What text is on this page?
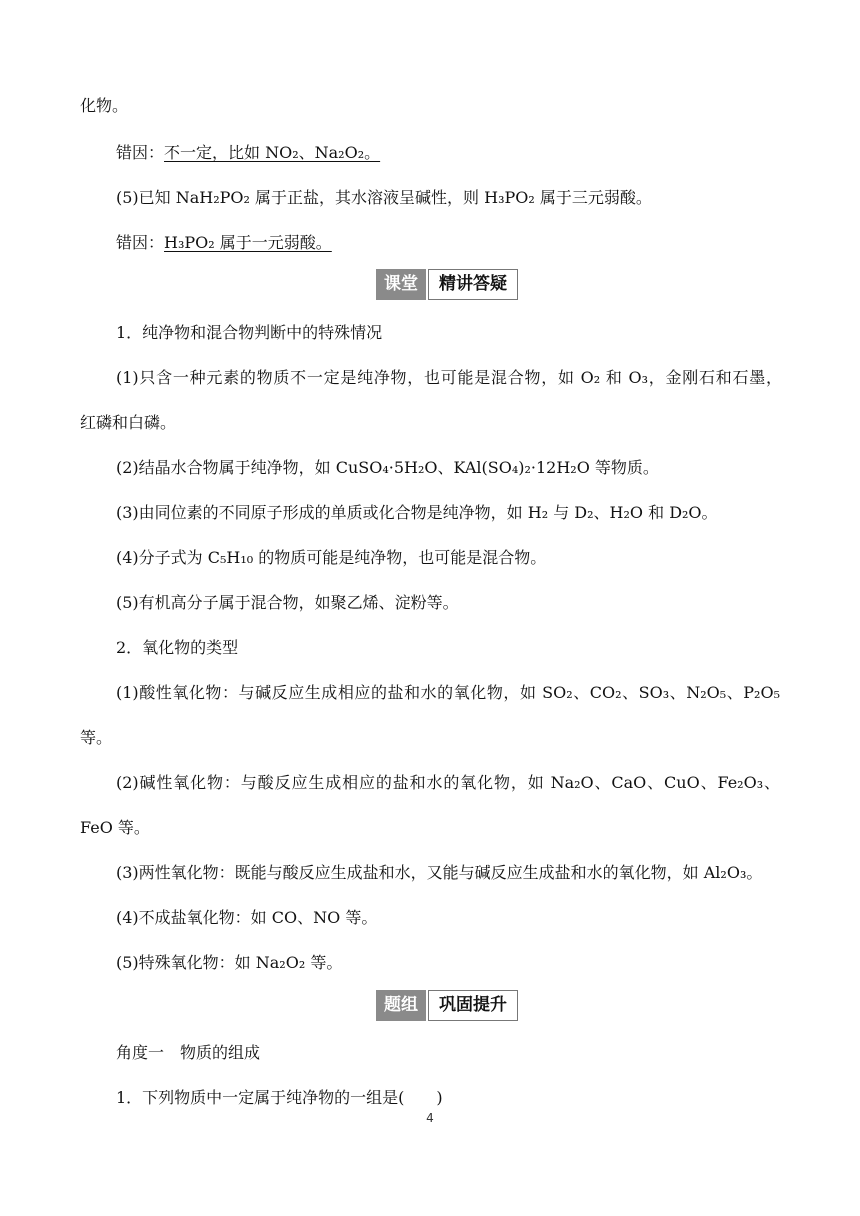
化物。
错因：不一定，比如 NO₂、Na₂O₂。
(5)已知 NaH₂PO₂ 属于正盐，其水溶液呈碱性，则 H₃PO₂ 属于三元弱酸。
错因：H₃PO₂ 属于一元弱酸。
课堂	精讲答疑
1．纯净物和混合物判断中的特殊情况
(1)只含一种元素的物质不一定是纯净物，也可能是混合物，如 O₂ 和 O₃，金刚石和石墨，
红磷和白磷。
(2)结晶水合物属于纯净物，如 CuSO₄·5H₂O、KAl(SO₄)₂·12H₂O 等物质。
(3)由同位素的不同原子形成的单质或化合物是纯净物，如 H₂ 与 D₂、H₂O 和 D₂O。
(4)分子式为 C₅H₁₀ 的物质可能是纯净物，也可能是混合物。
(5)有机高分子属于混合物，如聚乙烯、淀粉等。
2．氧化物的类型
(1)酸性氧化物：与碱反应生成相应的盐和水的氧化物，如 SO₂、CO₂、SO₃、N₂O₅、P₂O₅
等。
(2)碱性氧化物：与酸反应生成相应的盐和水的氧化物，如 Na₂O、CaO、CuO、Fe₂O₃、
FeO 等。
(3)两性氧化物：既能与酸反应生成盐和水，又能与碱反应生成盐和水的氧化物，如 Al₂O₃。
(4)不成盐氧化物：如 CO、NO 等。
(5)特殊氧化物：如 Na₂O₂ 等。
题组	巩固提升
角度一　物质的组成
1．下列物质中一定属于纯净物的一组是(　　)
4
